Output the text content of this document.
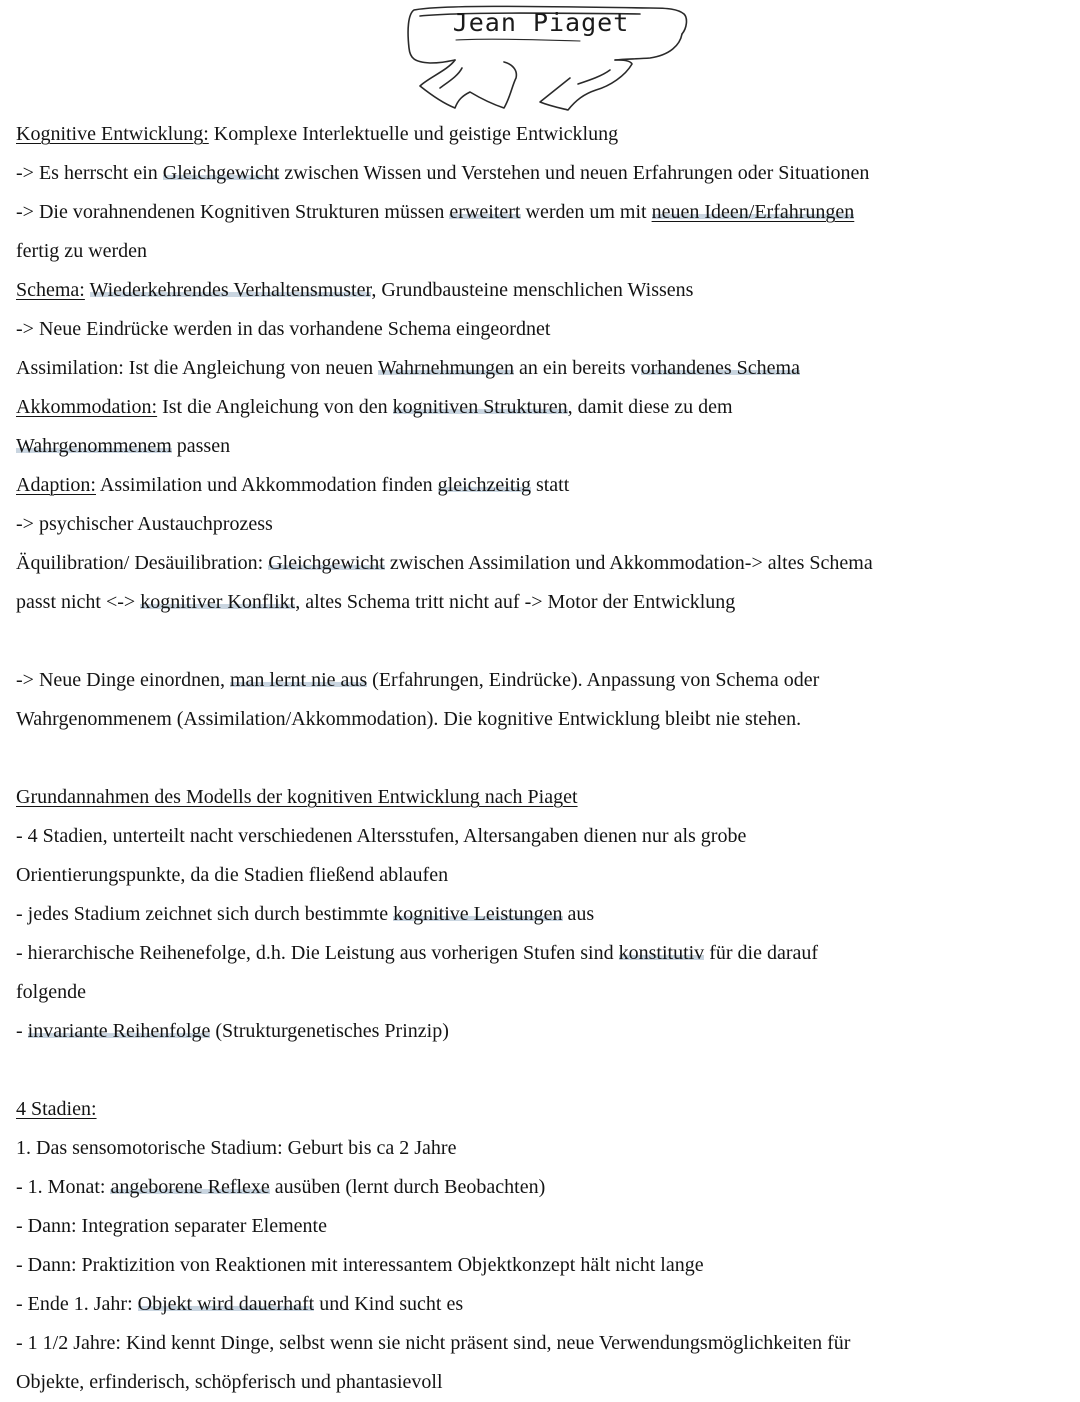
Jean Piaget
Kognitive Entwicklung: Komplexe Interlektuelle und geistige Entwicklung
-> Es herrscht ein Gleichgewicht zwischen Wissen und Verstehen und neuen Erfahrungen oder Situationen
-> Die vorahnendenen Kognitiven Strukturen müssen erweitert werden um mit neuen Ideen/Erfahrungen
fertig zu werden
Schema: Wiederkehrendes Verhaltensmuster, Grundbausteine menschlichen Wissens
-> Neue Eindrücke werden in das vorhandene Schema eingeordnet
Assimilation: Ist die Angleichung von neuen Wahrnehmungen an ein bereits vorhandenes Schema
Akkommodation: Ist die Angleichung von den kognitiven Strukturen, damit diese zu dem
Wahrgenommenem passen
Adaption: Assimilation und Akkommodation finden gleichzeitig statt
-> psychischer Austauchprozess
Äquilibration/ Desäuilibration: Gleichgewicht zwischen Assimilation und Akkommodation-> altes Schema
passt nicht <-> kognitiver Konflikt, altes Schema tritt nicht auf -> Motor der Entwicklung
-> Neue Dinge einordnen, man lernt nie aus (Erfahrungen, Eindrücke). Anpassung von Schema oder
Wahrgenommenem (Assimilation/Akkommodation). Die kognitive Entwicklung bleibt nie stehen.
Grundannahmen des Modells der kognitiven Entwicklung nach Piaget
- 4 Stadien, unterteilt nacht verschiedenen Altersstufen, Altersangaben dienen nur als grobe
Orientierungspunkte, da die Stadien fließend ablaufen
- jedes Stadium zeichnet sich durch bestimmte kognitive Leistungen aus
- hierarchische Reihenefolge, d.h. Die Leistung aus vorherigen Stufen sind konstitutiv für die darauf
folgende
- invariante Reihenfolge (Strukturgenetisches Prinzip)
4 Stadien:
1. Das sensomotorische Stadium: Geburt bis ca 2 Jahre
- 1. Monat: angeborene Reflexe ausüben (lernt durch Beobachten)
- Dann: Integration separater Elemente
- Dann: Praktizition von Reaktionen mit interessantem Objektkonzept hält nicht lange
- Ende 1. Jahr: Objekt wird dauerhaft und Kind sucht es
- 1 1/2 Jahre: Kind kennt Dinge, selbst wenn sie nicht präsent sind, neue Verwendungsmöglichkeiten für
Objekte, erfinderisch, schöpferisch und phantasievoll
